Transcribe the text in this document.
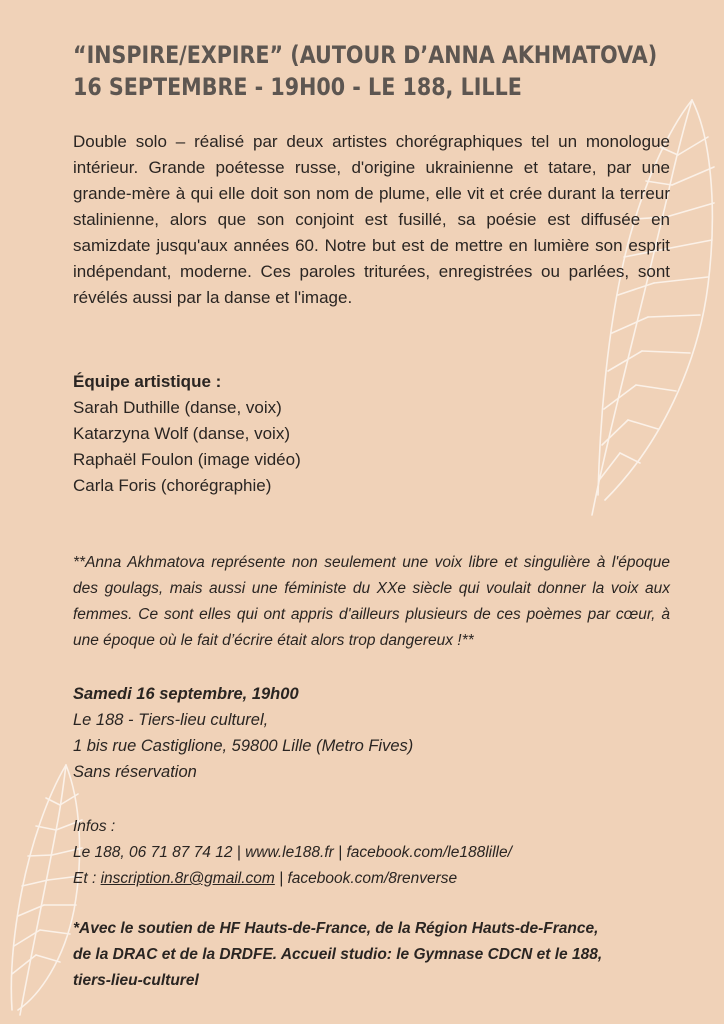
“INSPIRE/EXPIRE” (AUTOUR D’ANNA AKHMATOVA)
16 SEPTEMBRE - 19H00 - LE 188, LILLE

Double solo – réalisé par deux artistes chorégraphiques tel un monologue intérieur. Grande poétesse russe, d'origine ukrainienne et tatare, par une grande-mère à qui elle doit son nom de plume, elle vit et crée durant la terreur stalinienne, alors que son conjoint est fusillé, sa poésie est diffusée en samizdate jusqu'aux années 60. Notre but est de mettre en lumière son esprit indépendant, moderne. Ces paroles triturées, enregistrées ou parlées, sont révélés aussi par la danse et l'image.

Équipe artistique :
Sarah Duthille (danse, voix)
Katarzyna Wolf (danse, voix)
Raphaël Foulon (image vidéo)
Carla Foris (chorégraphie)

**Anna Akhmatova représente non seulement une voix libre et singulière à l'époque des goulags, mais aussi une féministe du XXe siècle qui voulait donner la voix aux femmes. Ce sont elles qui ont appris d'ailleurs plusieurs de ces poèmes par cœur, à une époque où le fait d’écrire était alors trop dangereux !**

Samedi 16 septembre, 19h00
Le 188 - Tiers-lieu culturel,
1 bis rue Castiglione, 59800 Lille (Metro Fives)
Sans réservation
Infos :
Le 188, 06 71 87 74 12 | www.le188.fr | facebook.com/le188lille/
Et : inscription.8r@gmail.com | facebook.com/8renverse
*Avec le soutien de HF Hauts-de-France, de la Région Hauts-de-France,
de la DRAC et de la DRDFE. Accueil studio: le Gymnase CDCN et le 188,
tiers-lieu-culturel
